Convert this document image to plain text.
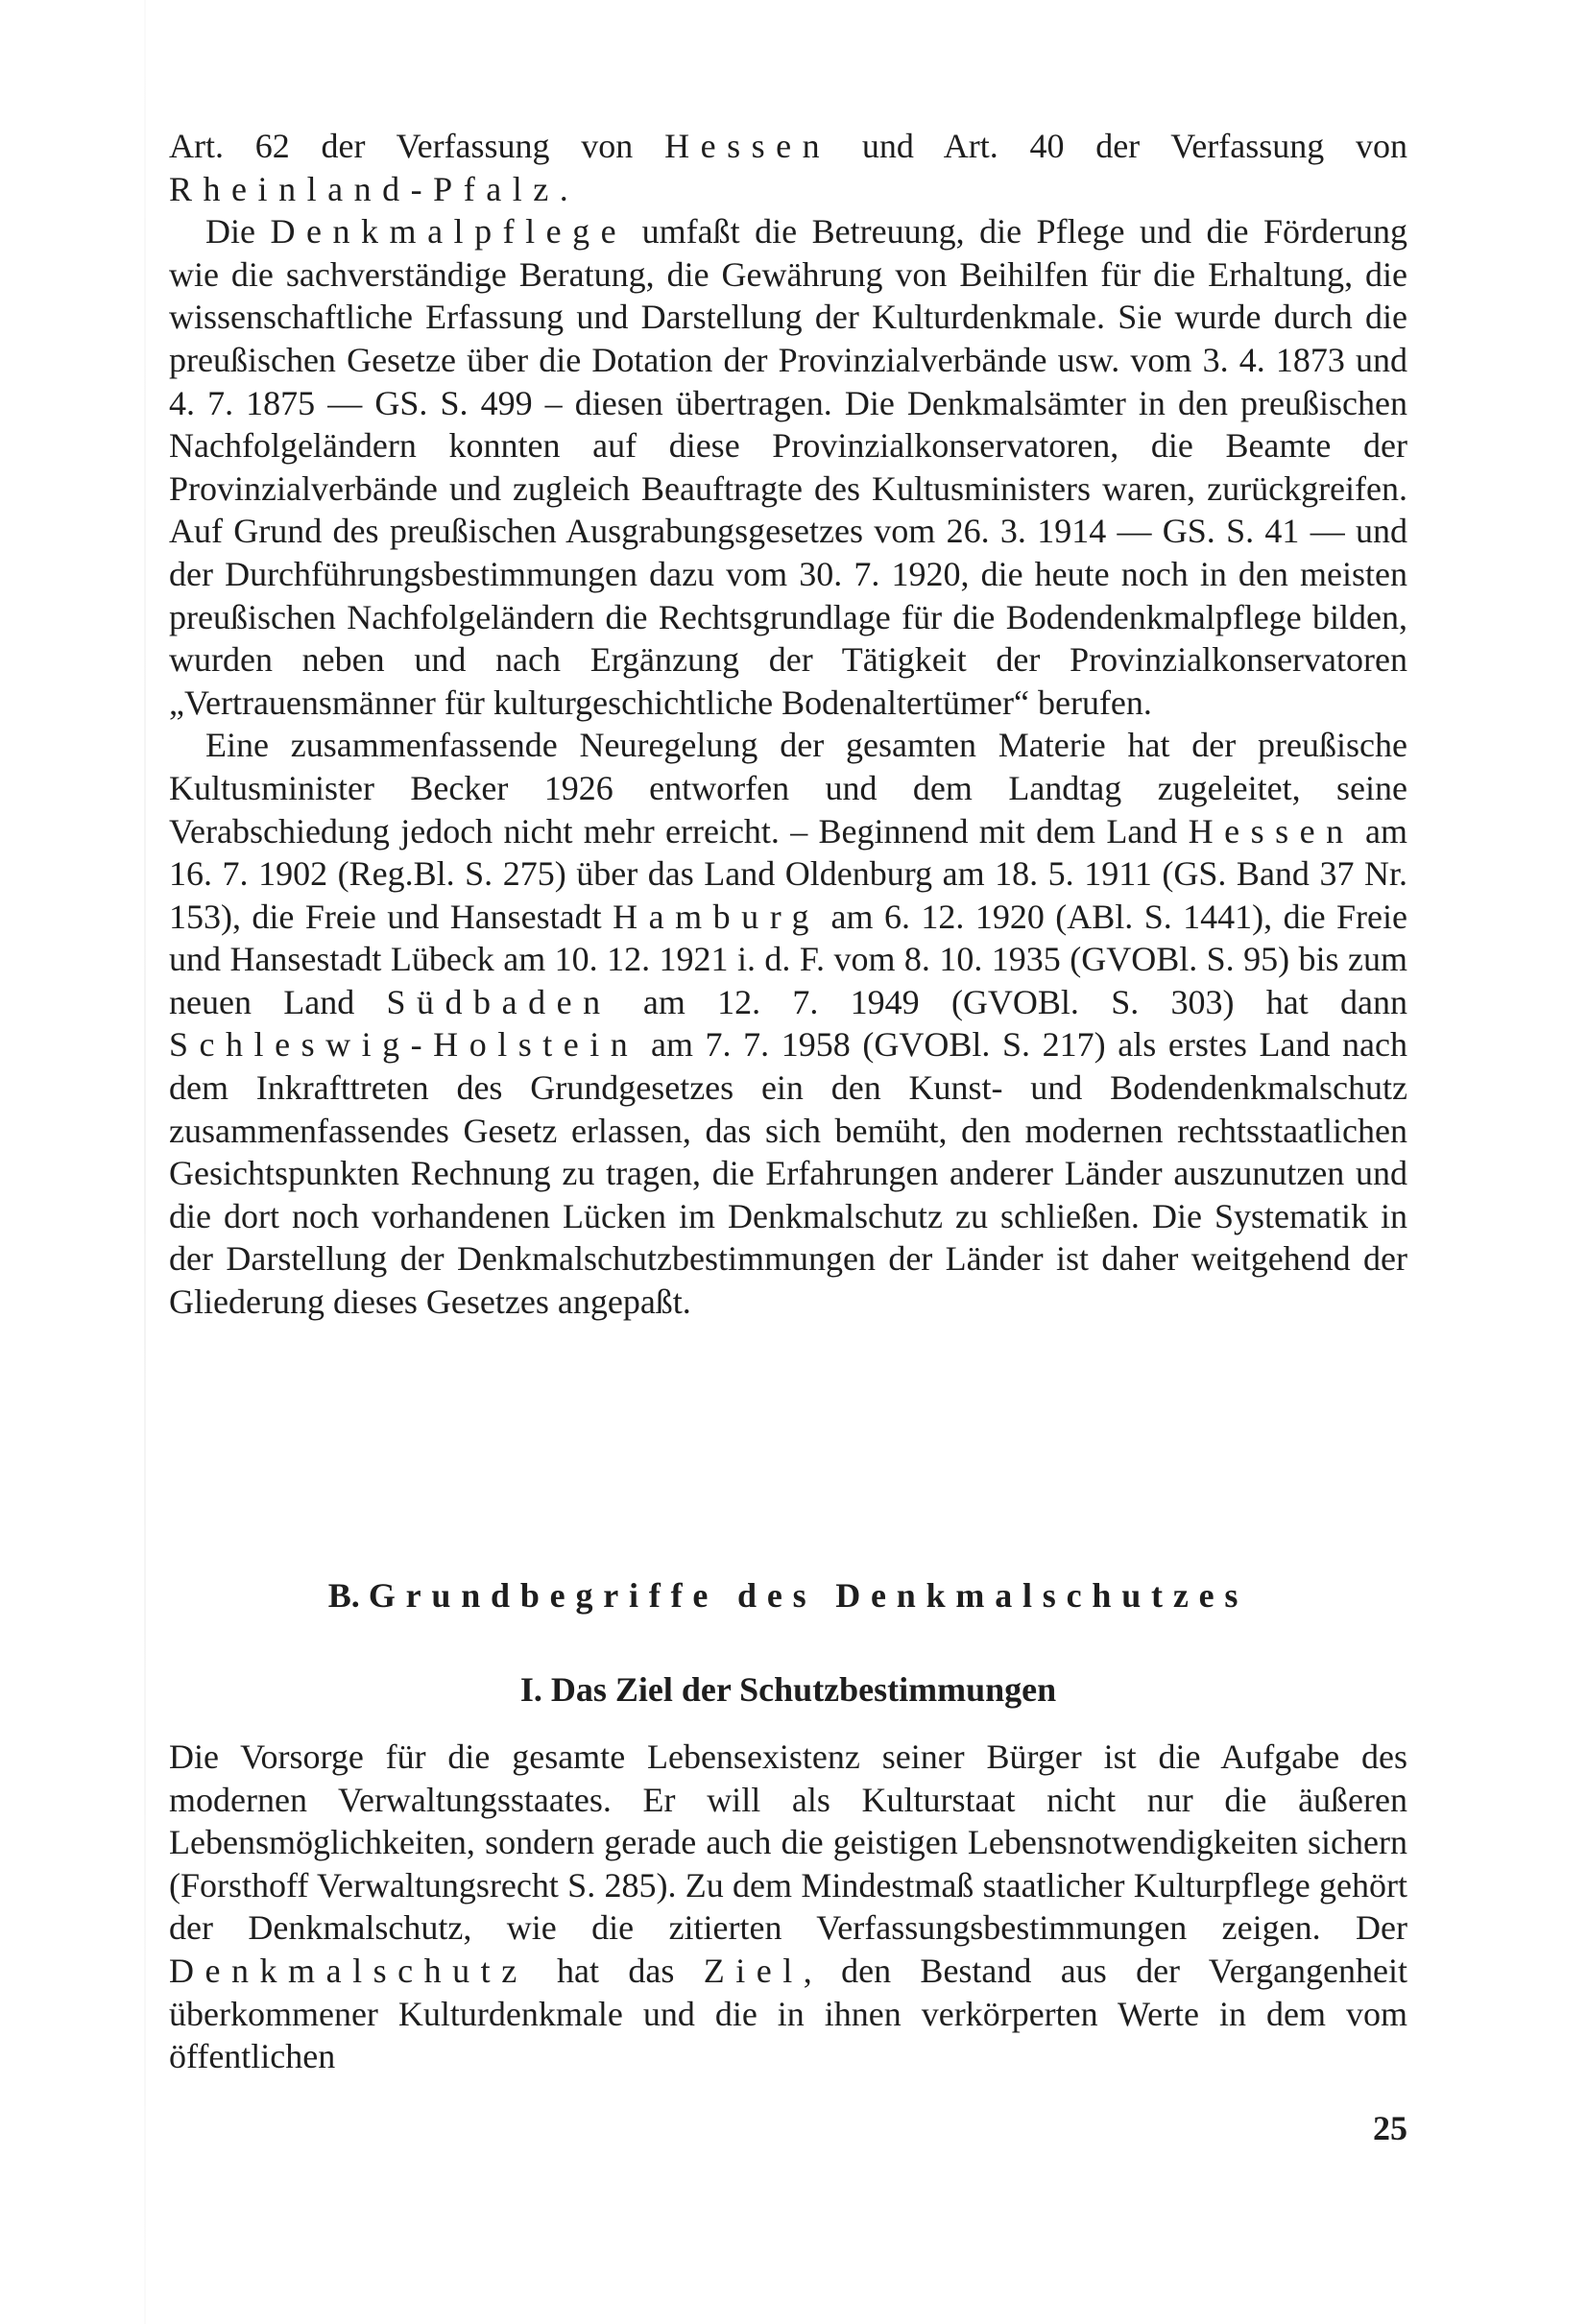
Art. 62 der Verfassung von Hessen und Art. 40 der Verfassung von Rheinland-Pfalz.

Die Denkmalpflege umfaßt die Betreuung, die Pflege und die Förderung wie die sachverständige Beratung, die Gewährung von Beihilfen für die Erhaltung, die wissenschaftliche Erfassung und Darstellung der Kulturdenkmale. Sie wurde durch die preußischen Gesetze über die Dotation der Provinzialverbände usw. vom 3. 4. 1873 und 4. 7. 1875 — GS. S. 499 – diesen übertragen. Die Denkmalsämter in den preußischen Nachfolgeländern konnten auf diese Provinzialkonservatoren, die Beamte der Provinzialverbände und zugleich Beauftragte des Kultusministers waren, zurückgreifen. Auf Grund des preußischen Ausgrabungsgesetzes vom 26. 3. 1914 — GS. S. 41 — und der Durchführungsbestimmungen dazu vom 30. 7. 1920, die heute noch in den meisten preußischen Nachfolgeländern die Rechtsgrundlage für die Bodendenkmalpflege bilden, wurden neben und nach Ergänzung der Tätigkeit der Provinzialkonservatoren „Vertrauensmänner für kulturgeschichtliche Bodenaltertümer“ berufen.

Eine zusammenfassende Neuregelung der gesamten Materie hat der preußische Kultusminister Becker 1926 entworfen und dem Landtag zugeleitet, seine Verabschiedung jedoch nicht mehr erreicht. – Beginnend mit dem Land Hessen am 16. 7. 1902 (Reg.Bl. S. 275) über das Land Oldenburg am 18. 5. 1911 (GS. Band 37 Nr. 153), die Freie und Hansestadt Hamburg am 6. 12. 1920 (ABl. S. 1441), die Freie und Hansestadt Lübeck am 10. 12. 1921 i. d. F. vom 8. 10. 1935 (GVOBl. S. 95) bis zum neuen Land Südbaden am 12. 7. 1949 (GVOBl. S. 303) hat dann Schleswig-Holstein am 7. 7. 1958 (GVOBl. S. 217) als erstes Land nach dem Inkrafttreten des Grundgesetzes ein den Kunst- und Bodendenkmalschutz zusammenfassendes Gesetz erlassen, das sich bemüht, den modernen rechtsstaatlichen Gesichtspunkten Rechnung zu tragen, die Erfahrungen anderer Länder auszunutzen und die dort noch vorhandenen Lücken im Denkmalschutz zu schließen. Die Systematik in der Darstellung der Denkmalschutzbestimmungen der Länder ist daher weitgehend der Gliederung dieses Gesetzes angepaßt.

B. Grundbegriffe des Denkmalschutzes
I. Das Ziel der Schutzbestimmungen

Die Vorsorge für die gesamte Lebensexistenz seiner Bürger ist die Aufgabe des modernen Verwaltungsstaates. Er will als Kulturstaat nicht nur die äußeren Lebensmöglichkeiten, sondern gerade auch die geistigen Lebensnotwendigkeiten sichern (Forsthoff Verwaltungsrecht S. 285). Zu dem Mindestmaß staatlicher Kulturpflege gehört der Denkmalschutz, wie die zitierten Verfassungsbestimmungen zeigen. Der Denkmalschutz hat das Ziel, den Bestand aus der Vergangenheit überkommener Kulturdenkmale und die in ihnen verkörperten Werte in dem vom öffentlichen

25
